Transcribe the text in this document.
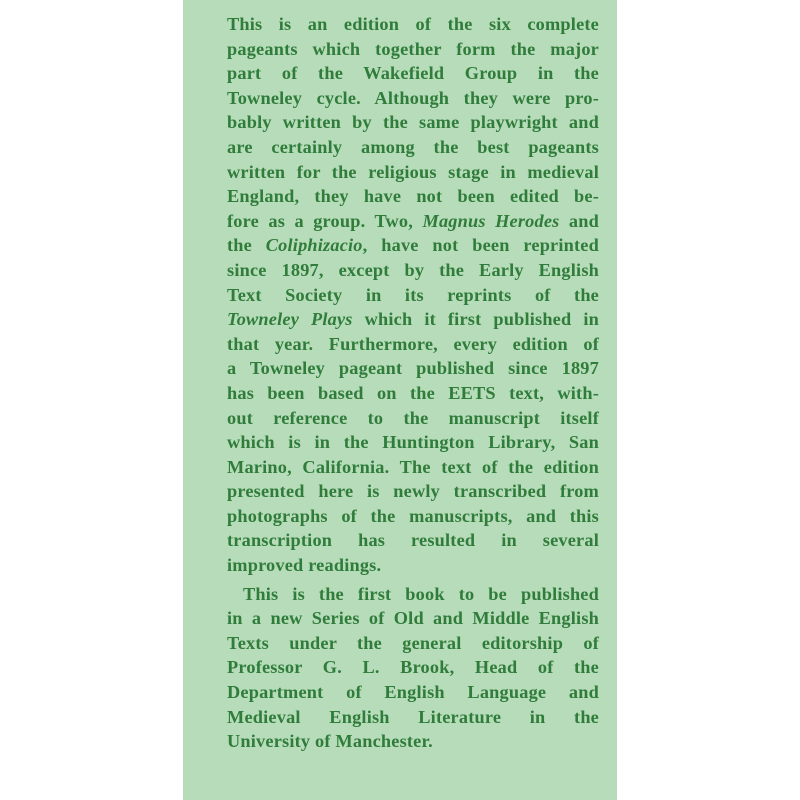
This is an edition of the six complete
pageants which together form the major
part of the Wakefield Group in the
Towneley cycle. Although they were pro-
bably written by the same playwright and
are certainly among the best pageants
written for the religious stage in medieval
England, they have not been edited be-
fore as a group. Two, Magnus Herodes and
the Coliphizacio, have not been reprinted
since 1897, except by the Early English
Text Society in its reprints of the
Towneley Plays which it first published in
that year. Furthermore, every edition of
a Towneley pageant published since 1897
has been based on the EETS text, with-
out reference to the manuscript itself
which is in the Huntington Library, San
Marino, California. The text of the edition
presented here is newly transcribed from
photographs of the manuscripts, and this
transcription has resulted in several
improved readings.
This is the first book to be published
in a new Series of Old and Middle English
Texts under the general editorship of
Professor G. L. Brook, Head of the
Department of English Language and
Medieval English Literature in the
University of Manchester.
